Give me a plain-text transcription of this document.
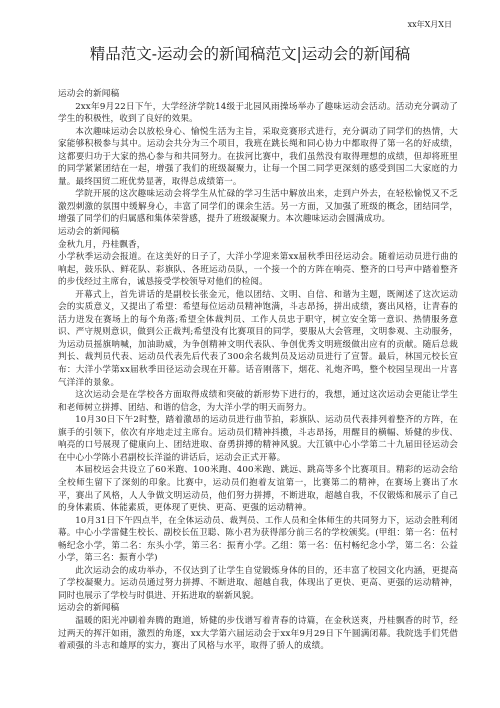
xx年X月X日
精品范文-运动会的新闻稿范文|运动会的新闻稿

运动会的新闻稿

2xx年9月22日下午，大学经济学院14级于北园风雨操场举办了趣味运动会活动。活动充分调动了学生的积极性，收到了良好的效果。

本次趣味运动会以放松身心、愉悦生活为主旨，采取竞赛形式进行，充分调动了同学们的热情，大家能够积极参与其中。运动会共分为三个项目，我班在跳长绳和同心协力中都取得了第一名的好成绩，这都要归功于大家的热心参与和共同努力。在拔河比赛中，我们虽然没有取得理想的成绩，但却将班里的同学紧紧团结在一起，增强了我们的班级凝聚力，让每一个国二同学更深刻的感受到国二大家庭的力量。最终国贸二班优势显著，取得总成绩第一。

学院开展的这次趣味运动会将学生从忙碌的学习生活中解放出来，走到户外去，在轻松愉悦又不乏激烈刺激的氛围中缓解身心，丰富了同学们的课余生活。另一方面，又加强了班级的概念，团结同学，增强了同学们的归属感和集体荣誉感，提升了班级凝聚力。本次趣味运动会圆满成功。

运动会的新闻稿

金秋九月，丹桂飘香，

小学秋季运动会报道。在这美好的日子了，大洋小学迎来第xx届秋季田径运动会。随着运动员进行曲的响起，鼓乐队、鲜花队、彩旗队、各班运动员队，一个接一个的方阵在响亮、整齐的口号声中踏着整齐的步伐经过主席台，诚恳接受学校领导对他们的检阅。

开幕式上，首先讲话的是副校长张金元，他以团结、文明、自信、和谐为主题，既阐述了这次运动会的实质意义，又提出了希望：希望每位运动员精神饱满，斗志昂扬，拼出成绩，赛出风格，让青春的活力迸发在赛场上的每个角落;希望全体裁判员、工作人员忠于职守，树立安全第一意识、热情服务意识、严守规则意识，做到公正裁判;希望没有比赛项目的同学，要服从大会管理，文明参观、主动服务，为运动员摇旗呐喊，加油助威，为争创精神文明代表队、争创优秀文明班级做出应有的贡献。随后总裁判长、裁判员代表、运动员代表先后代表了300余名裁判员及运动员进行了宣誓。最后，林国元校长宣布：大洋小学第xx届秋季田径运动会现在开幕。话音刚落下，烟花、礼炮齐鸣，整个校园呈现出一片喜气洋洋的景象。

这次运动会是在学校各方面取得成绩和突破的新形势下进行的，我想，通过这次运动会更能让学生和老师树立拼搏、团结、和谐的信念，为大洋小学的明天而努力。

10月30日下午2时整，踏着激昂的运动员进行曲节拍，彩旗队、运动员代表排列着整齐的方阵，在旗手的引领下，依次有序地走过主席台。运动员们精神抖擞，斗志昂扬，用醒目的横幅、矫健的步伐、响亮的口号展现了健康向上、团结进取、奋勇拼搏的精神风貌。大江镇中心小学第二十九届田径运动会在中心小学陈小君副校长洋溢的讲话后，运动会正式开幕。

本届校运会共设立了60米跑、100米跑、400米跑、跳远、跳高等多个比赛项目。精彩的运动会给全校师生留下了深刻的印象。比赛中，运动员们抱着友谊第一，比赛第二的精神，在赛场上赛出了水平，赛出了风格，人人争做文明运动员，他们努力拼搏，不断进取，超越自我，不仅锻炼和展示了自己的身体素质、体能素质，更体现了更快、更高、更强的运动精神。

10月31日下午四点半，在全体运动员、裁判员、工作人员和全体师生的共同努力下，运动会胜利闭幕。中心小学雷健生校长、副校长伍卫聪、陈小君为获得部分前三名的学校颁奖。(甲组：第一名：伍村畅纪念小学，第二名：东头小学，第三名：振育小学。乙组：第一名：伍村畅纪念小学，第二名：公益小学，第三名：振育小学)

此次运动会的成功举办，不仅达到了让学生自觉锻炼身体的目的，还丰富了校园文化内涵，更提高了学校凝聚力。运动员通过努力拼搏、不断进取、超越自我，体现出了更快、更高、更强的运动精神，同时也展示了学校与时俱进、开拓进取的崭新风貌。

运动会的新闻稿

温暖的阳光冲刷着奔腾的跑道，矫健的步伐谱写着青春的诗篇，在金秋送爽，丹桂飘香的时节，经过两天的挥汗如雨，激烈的角逐，xx大学第六届运动会于xx年9月29日下午圆满闭幕。我院选手们凭借着顽强的斗志和雄厚的实力，赛出了风格与水平，取得了骄人的成绩。
